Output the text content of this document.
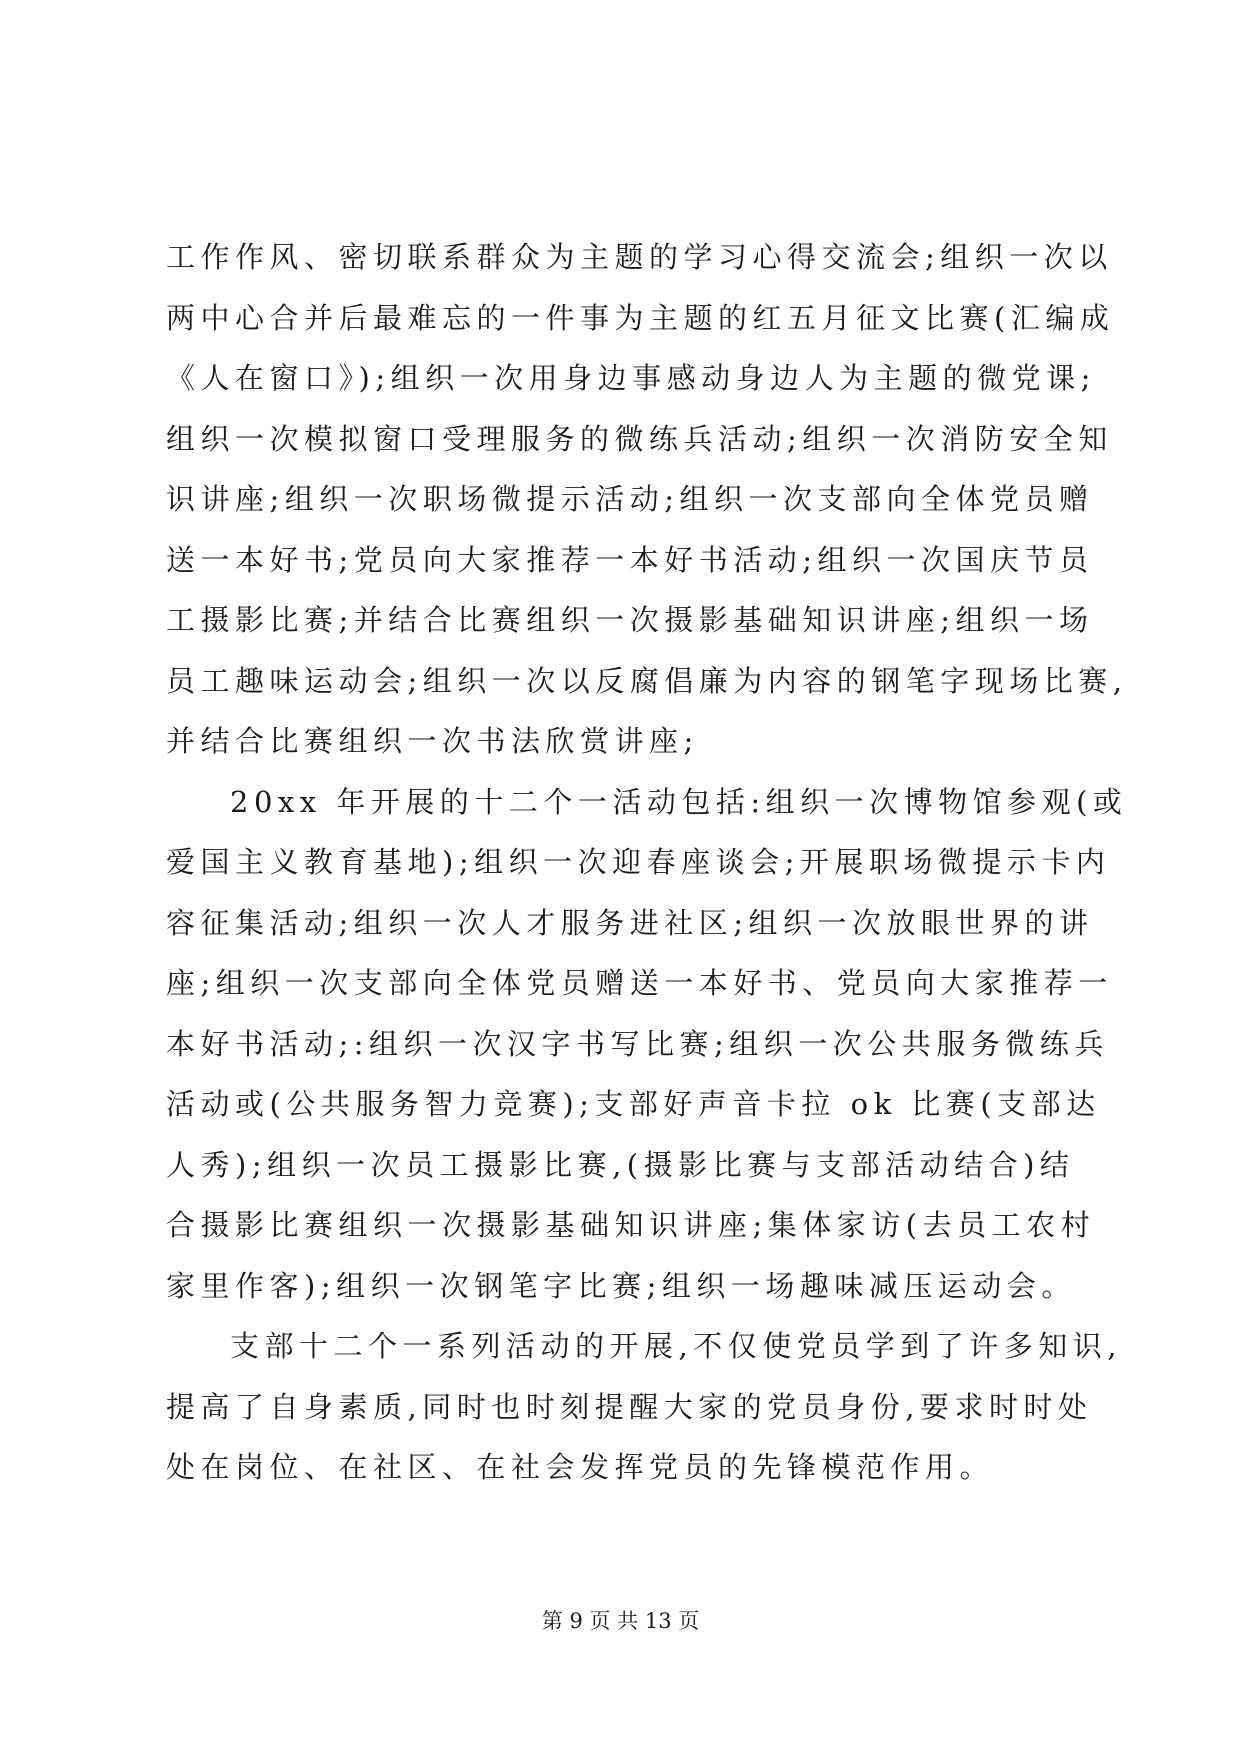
工作作风、密切联系群众为主题的学习心得交流会;组织一次以
两中心合并后最难忘的一件事为主题的红五月征文比赛(汇编成
《人在窗口》);组织一次用身边事感动身边人为主题的微党课;
组织一次模拟窗口受理服务的微练兵活动;组织一次消防安全知
识讲座;组织一次职场微提示活动;组织一次支部向全体党员赠
送一本好书;党员向大家推荐一本好书活动;组织一次国庆节员
工摄影比赛;并结合比赛组织一次摄影基础知识讲座;组织一场
员工趣味运动会;组织一次以反腐倡廉为内容的钢笔字现场比赛,
并结合比赛组织一次书法欣赏讲座;
20xx 年开展的十二个一活动包括:组织一次博物馆参观(或
爱国主义教育基地);组织一次迎春座谈会;开展职场微提示卡内
容征集活动;组织一次人才服务进社区;组织一次放眼世界的讲
座;组织一次支部向全体党员赠送一本好书、党员向大家推荐一
本好书活动;:组织一次汉字书写比赛;组织一次公共服务微练兵
活动或(公共服务智力竞赛);支部好声音卡拉 ok 比赛(支部达
人秀);组织一次员工摄影比赛,(摄影比赛与支部活动结合)结
合摄影比赛组织一次摄影基础知识讲座;集体家访(去员工农村
家里作客);组织一次钢笔字比赛;组织一场趣味减压运动会。
支部十二个一系列活动的开展,不仅使党员学到了许多知识,
提高了自身素质,同时也时刻提醒大家的党员身份,要求时时处
处在岗位、在社区、在社会发挥党员的先锋模范作用。
第 9 页 共 13 页
